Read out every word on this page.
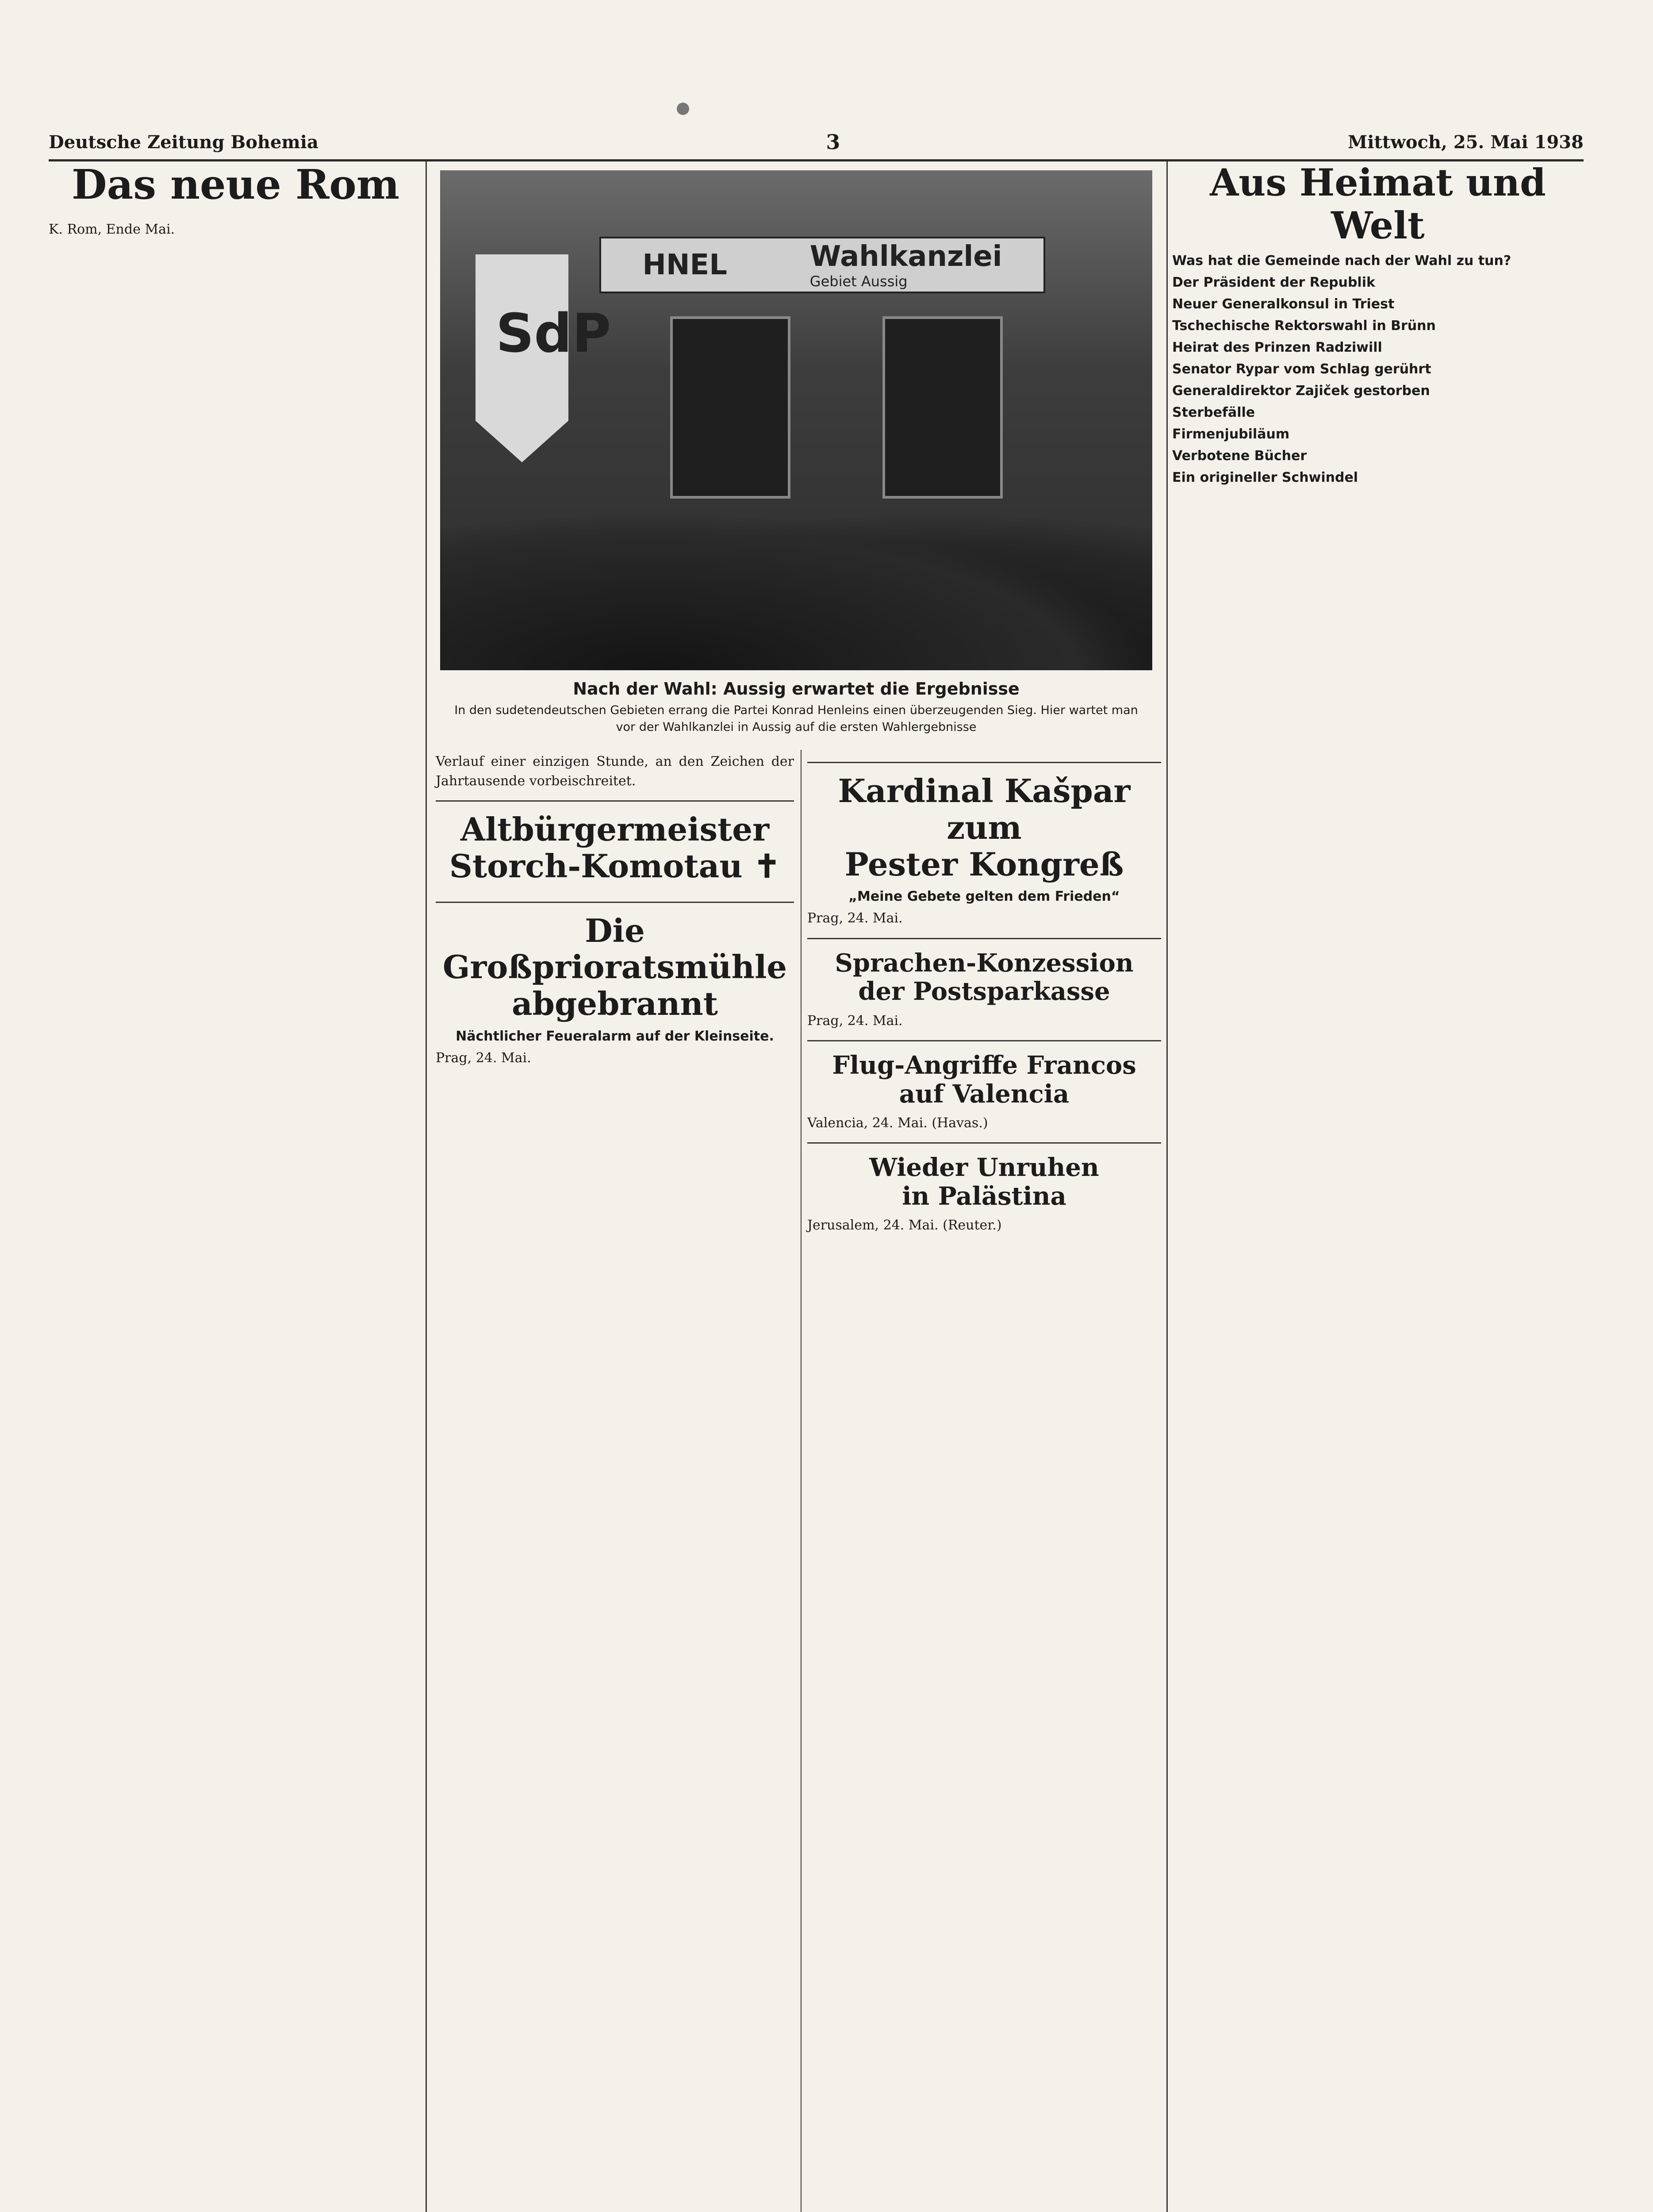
Deutsche Zeitung Bohemia	3	Mittwoch, 25. Mai 1938
Das neue Rom

K. Rom, Ende Mai.

SdP
HNEL	Wahlkanzlei
Gebiet Aussig
Nach der Wahl: Aussig erwartet die Ergebnisse
In den sudetendeutschen Gebieten errang die Partei Konrad Henleins einen überzeugenden Sieg. Hier wartet man vor der Wahlkanzlei in Aussig auf die ersten Wahlergebnisse

Verlauf einer einzigen Stunde, an den Zeichen der Jahrtausende vorbeischreitet.

Altbürgermeister
Storch-Komotau ✝

Die Großprioratsmühle
abgebrannt
Nächtlicher Feueralarm auf der Kleinseite.

Prag, 24. Mai.

Kardinal Kašpar zum
Pester Kongreß
„Meine Gebete gelten dem Frieden“

Prag, 24. Mai.

Sprachen-Konzession
der Postsparkasse

Prag, 24. Mai.

Flug-Angriffe Francos
auf Valencia

Valencia, 24. Mai. (Havas.)

Wieder Unruhen
in Palästina

Jerusalem, 24. Mai. (Reuter.)

Aus Heimat und Welt
Was hat die Gemeinde nach der Wahl zu tun?

Der Präsident der Republik

Neuer Generalkonsul in Triest

Tschechische Rektorswahl in Brünn

Heirat des Prinzen Radziwill

Senator Rypar vom Schlag gerührt

Generaldirektor Zajiček gestorben

Sterbefälle

Firmenjubiläum

Verbotene Bücher

Ein origineller Schwindel
